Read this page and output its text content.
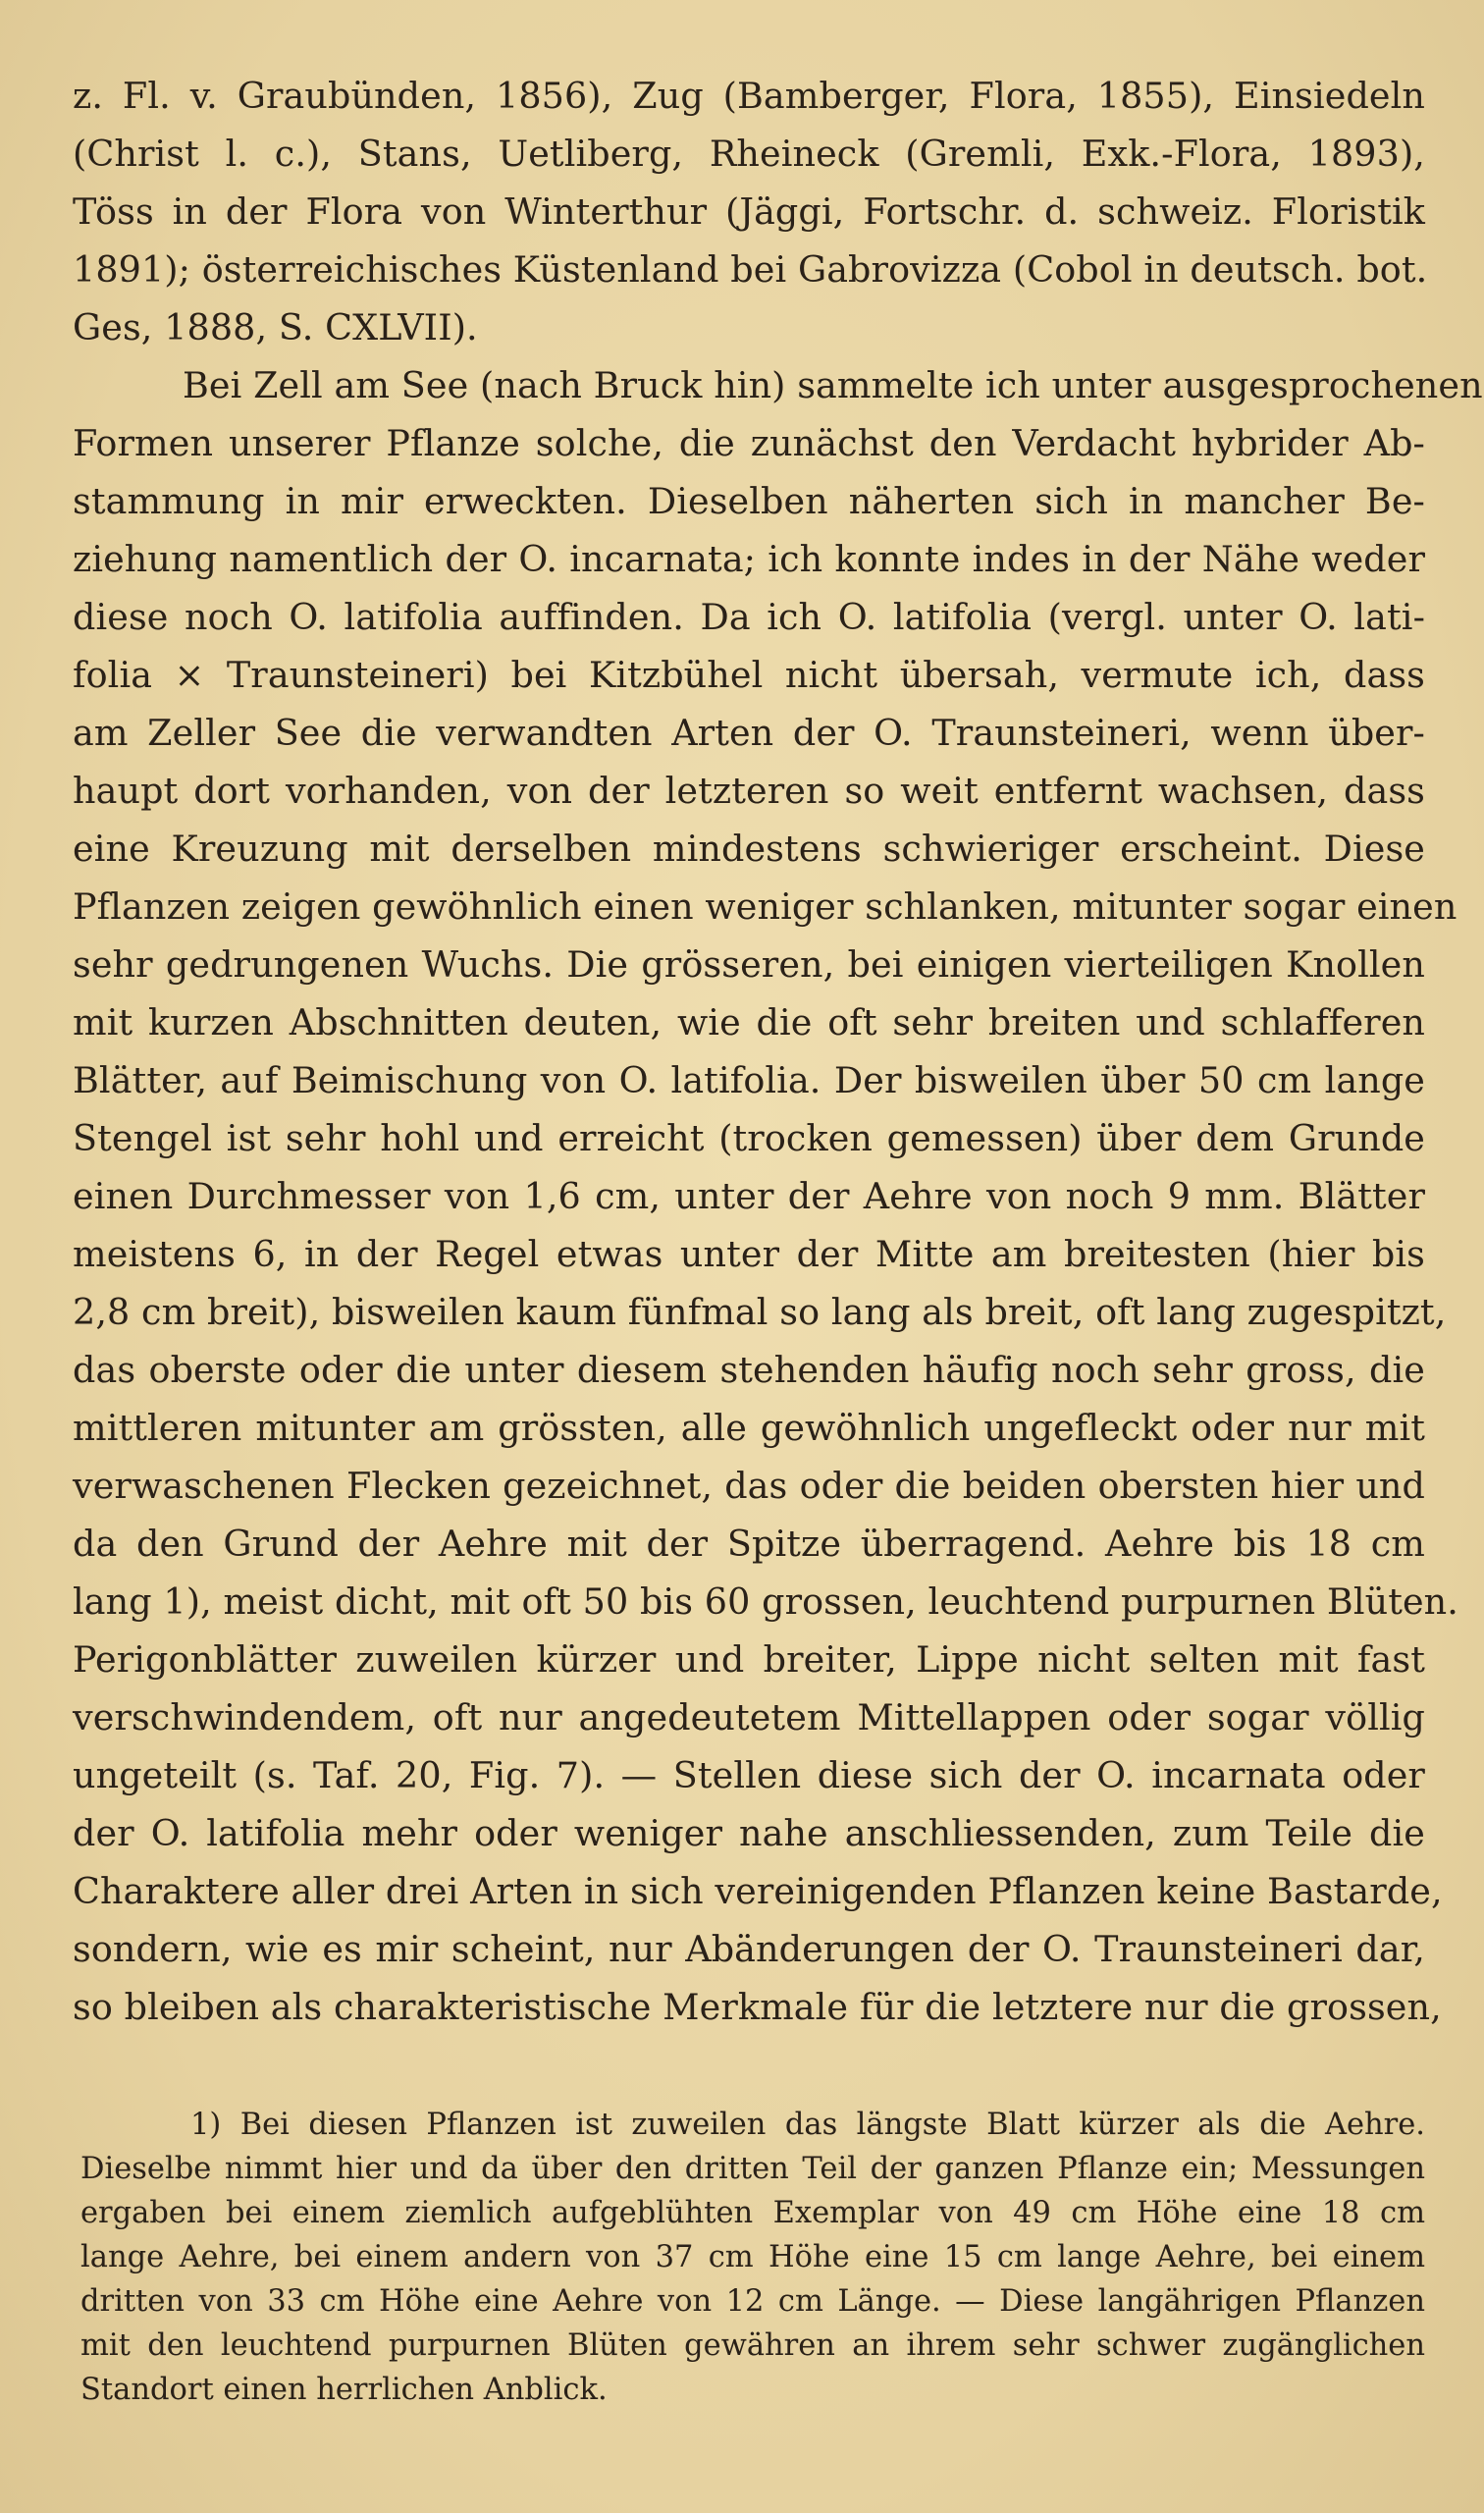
z. Fl. v. Graubünden, 1856), Zug (Bamberger, Flora, 1855), Einsiedeln
(Christ l. c.), Stans, Uetliberg, Rheineck (Gremli, Exk.-Flora, 1893),
Töss in der Flora von Winterthur (Jäggi, Fortschr. d. schweiz. Floristik
1891); österreichisches Küstenland bei Gabrovizza (Cobol in deutsch. bot.
Ges, 1888, S. CXLVII).
Bei Zell am See (nach Bruck hin) sammelte ich unter ausgesprochenen
Formen unserer Pflanze solche, die zunächst den Verdacht hybrider Ab-
stammung in mir erweckten. Dieselben näherten sich in mancher Be-
ziehung namentlich der O. incarnata; ich konnte indes in der Nähe weder
diese noch O. latifolia auffinden. Da ich O. latifolia (vergl. unter O. lati-
folia × Traunsteineri) bei Kitzbühel nicht übersah, vermute ich, dass
am Zeller See die verwandten Arten der O. Traunsteineri, wenn über-
haupt dort vorhanden, von der letzteren so weit entfernt wachsen, dass
eine Kreuzung mit derselben mindestens schwieriger erscheint. Diese
Pflanzen zeigen gewöhnlich einen weniger schlanken, mitunter sogar einen
sehr gedrungenen Wuchs. Die grösseren, bei einigen vierteiligen Knollen
mit kurzen Abschnitten deuten, wie die oft sehr breiten und schlafferen
Blätter, auf Beimischung von O. latifolia. Der bisweilen über 50 cm lange
Stengel ist sehr hohl und erreicht (trocken gemessen) über dem Grunde
einen Durchmesser von 1,6 cm, unter der Aehre von noch 9 mm. Blätter
meistens 6, in der Regel etwas unter der Mitte am breitesten (hier bis
2,8 cm breit), bisweilen kaum fünfmal so lang als breit, oft lang zugespitzt,
das oberste oder die unter diesem stehenden häufig noch sehr gross, die
mittleren mitunter am grössten, alle gewöhnlich ungefleckt oder nur mit
verwaschenen Flecken gezeichnet, das oder die beiden obersten hier und
da den Grund der Aehre mit der Spitze überragend. Aehre bis 18 cm
lang 1), meist dicht, mit oft 50 bis 60 grossen, leuchtend purpurnen Blüten.
Perigonblätter zuweilen kürzer und breiter, Lippe nicht selten mit fast
verschwindendem, oft nur angedeutetem Mittellappen oder sogar völlig
ungeteilt (s. Taf. 20, Fig. 7). — Stellen diese sich der O. incarnata oder
der O. latifolia mehr oder weniger nahe anschliessenden, zum Teile die
Charaktere aller drei Arten in sich vereinigenden Pflanzen keine Bastarde,
sondern, wie es mir scheint, nur Abänderungen der O. Traunsteineri dar,
so bleiben als charakteristische Merkmale für die letztere nur die grossen,
1) Bei diesen Pflanzen ist zuweilen das längste Blatt kürzer als die Aehre.
Dieselbe nimmt hier und da über den dritten Teil der ganzen Pflanze ein; Messungen
ergaben bei einem ziemlich aufgeblühten Exemplar von 49 cm Höhe eine 18 cm
lange Aehre, bei einem andern von 37 cm Höhe eine 15 cm lange Aehre, bei einem
dritten von 33 cm Höhe eine Aehre von 12 cm Länge. — Diese langährigen Pflanzen
mit den leuchtend purpurnen Blüten gewähren an ihrem sehr schwer zugänglichen
Standort einen herrlichen Anblick.
